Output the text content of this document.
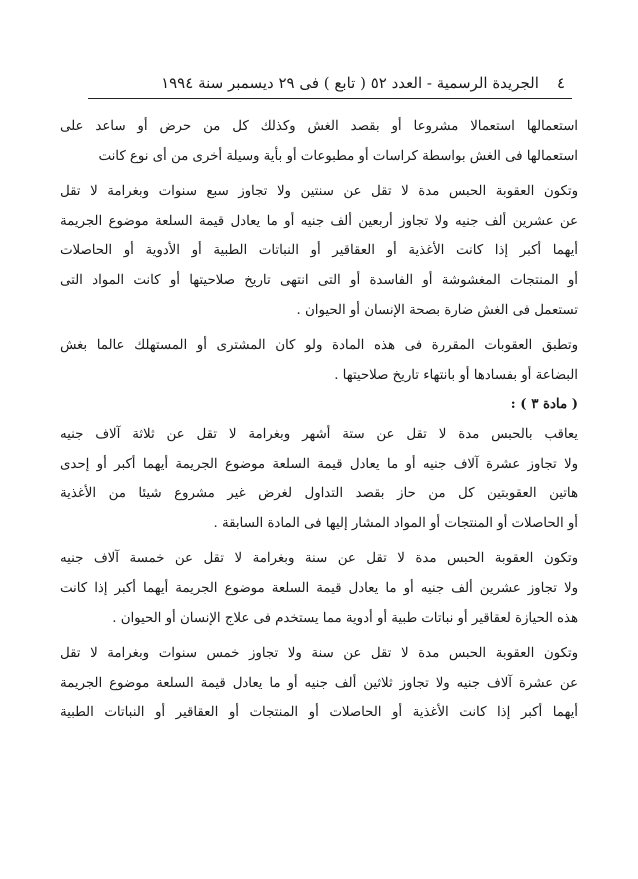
٤
الجريدة الرسمية - العدد ٥٢ ( تابع ) فى ٢٩ ديسمبر سنة ١٩٩٤
استعمالها استعمالا مشروعا أو بقصد الغش وكذلك كل من حرض أو ساعد على
استعمالها فى الغش بواسطة كراسات أو مطبوعات أو بأية وسيلة أخرى من أى نوع كانت
وتكون العقوبة الحبس مدة لا تقل عن سنتين ولا تجاوز سبع سنوات وبغرامة لا تقل
عن عشرين ألف جنيه ولا تجاوز أربعين ألف جنيه أو ما يعادل قيمة السلعة موضوع الجريمة
أيهما أكبر إذا كانت الأغذية أو العقاقير أو النباتات الطبية أو الأدوية أو الحاصلات
أو المنتجات المغشوشة أو الفاسدة أو التى انتهى تاريخ صلاحيتها أو كانت المواد التى
تستعمل فى الغش ضارة بصحة الإنسان أو الحيوان .
وتطبق العقوبات المقررة فى هذه المادة ولو كان المشترى أو المستهلك عالما بغش
البضاعة أو بفسادها أو بانتهاء تاريخ صلاحيتها .
( مادة ٣ ) :
يعاقب بالحبس مدة لا تقل عن ستة أشهر وبغرامة لا تقل عن ثلاثة آلاف جنيه
ولا تجاوز عشرة آلاف جنيه أو ما يعادل قيمة السلعة موضوع الجريمة أيهما أكبر أو إحدى
هاتين العقوبتين كل من حاز بقصد التداول لغرض غير مشروع شيئا من الأغذية
أو الحاصلات أو المنتجات أو المواد المشار إليها فى المادة السابقة .
وتكون العقوبة الحبس مدة لا تقل عن سنة وبغرامة لا تقل عن خمسة آلاف جنيه
ولا تجاوز عشرين ألف جنيه أو ما يعادل قيمة السلعة موضوع الجريمة أيهما أكبر إذا كانت
هذه الحيازة لعقاقير أو نباتات طبية أو أدوية مما يستخدم فى علاج الإنسان أو الحيوان .
وتكون العقوبة الحبس مدة لا تقل عن سنة ولا تجاوز خمس سنوات وبغرامة لا تقل
عن عشرة آلاف جنيه ولا تجاوز ثلاثين ألف جنيه أو ما يعادل قيمة السلعة موضوع الجريمة
أيهما أكبر إذا كانت الأغذية أو الحاصلات أو المنتجات أو العقاقير أو النباتات الطبية
